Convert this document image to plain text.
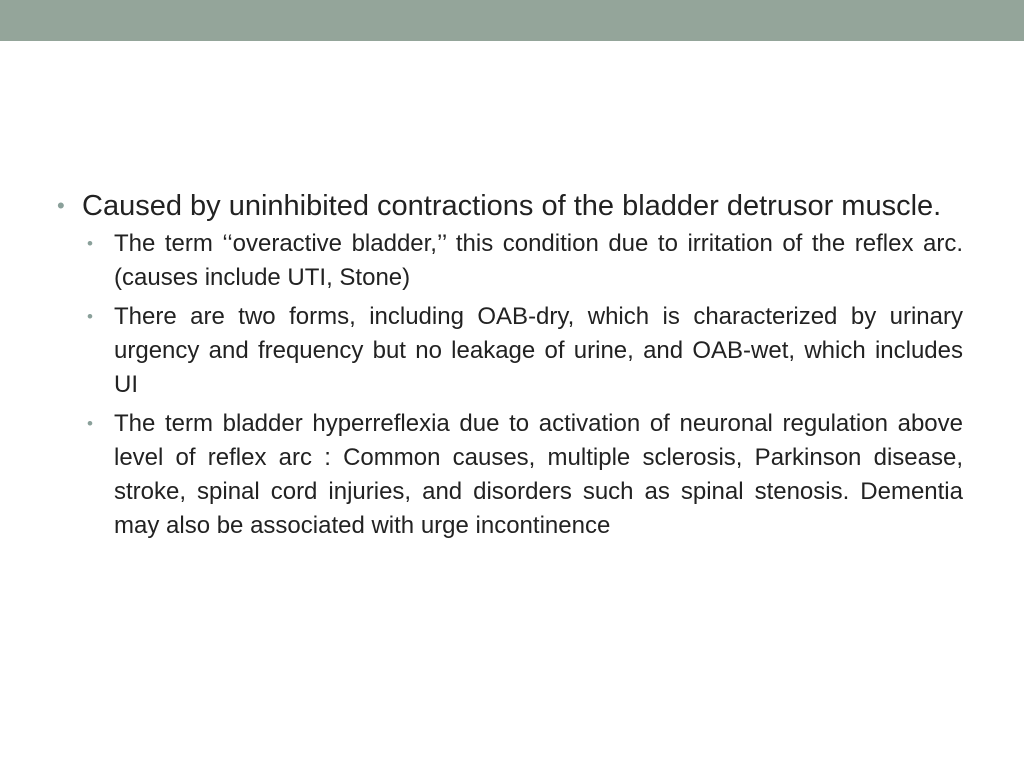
• Caused by uninhibited contractions of the bladder detrusor muscle.
• The term ‘‘overactive bladder,’’ this condition due to irritation of the reflex arc. (causes include UTI, Stone)
• There are two forms, including OAB-dry, which is characterized by urinary urgency and frequency but no leakage of urine, and OAB-wet, which includes UI
• The term bladder hyperreflexia due to activation of neuronal regulation above level of reflex arc : Common causes, multiple sclerosis, Parkinson disease, stroke, spinal cord injuries, and disorders such as spinal stenosis. Dementia may also be associated with urge incontinence
